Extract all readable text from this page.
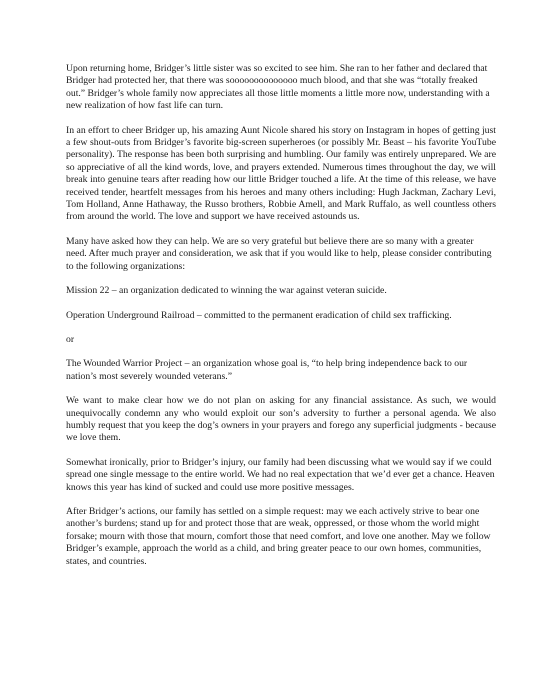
Upon returning home, Bridger’s little sister was so excited to see him. She ran to her father and declared that Bridger had protected her, that there was soooooooooooooo much blood, and that she was “totally freaked out.” Bridger’s whole family now appreciates all those little moments a little more now, understanding with a new realization of how fast life can turn.

In an effort to cheer Bridger up, his amazing Aunt Nicole shared his story on Instagram in hopes of getting just a few shout-outs from Bridger’s favorite big-screen superheroes (or possibly Mr. Beast – his favorite YouTube personality). The response has been both surprising and humbling. Our family was entirely unprepared. We are so appreciative of all the kind words, love, and prayers extended. Numerous times throughout the day, we will break into genuine tears after reading how our little Bridger touched a life. At the time of this release, we have received tender, heartfelt messages from his heroes and many others including: Hugh Jackman, Zachary Levi, Tom Holland, Anne Hathaway, the Russo brothers, Robbie Amell, and Mark Ruffalo, as well countless others from around the world. The love and support we have received astounds us.

Many have asked how they can help. We are so very grateful but believe there are so many with a greater need. After much prayer and consideration, we ask that if you would like to help, please consider contributing to the following organizations:

Mission 22 – an organization dedicated to winning the war against veteran suicide.

Operation Underground Railroad – committed to the permanent eradication of child sex trafficking.

or

The Wounded Warrior Project – an organization whose goal is, “to help bring independence back to our nation’s most severely wounded veterans.”

We want to make clear how we do not plan on asking for any financial assistance. As such, we would unequivocally condemn any who would exploit our son’s adversity to further a personal agenda. We also humbly request that you keep the dog’s owners in your prayers and forego any superficial judgments - because we love them.

Somewhat ironically, prior to Bridger’s injury, our family had been discussing what we would say if we could spread one single message to the entire world. We had no real expectation that we’d ever get a chance. Heaven knows this year has kind of sucked and could use more positive messages.

After Bridger’s actions, our family has settled on a simple request: may we each actively strive to bear one another’s burdens; stand up for and protect those that are weak, oppressed, or those whom the world might forsake; mourn with those that mourn, comfort those that need comfort, and love one another. May we follow Bridger’s example, approach the world as a child, and bring greater peace to our own homes, communities, states, and countries.
